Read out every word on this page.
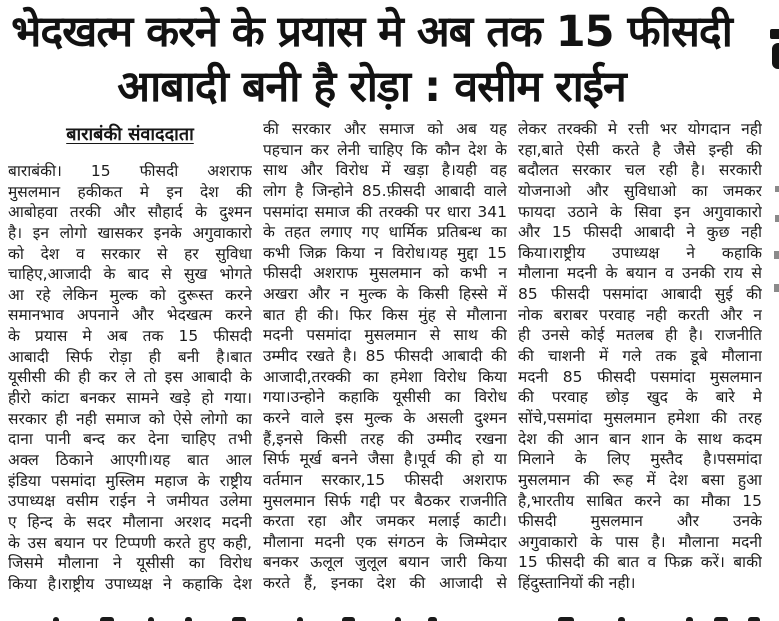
भेदखत्म करने के प्रयास मे अब तक 15 फीसदी
आबादी बनी है रोड़ा : वसीम राईन
बाराबंकी संवाददाता
बाराबंकी। 15 फीसदी अशराफ
मुसलमान हकीकत मे इन देश की
आबोहवा तरकी और सौहार्द के दुश्मन
है। इन लोगो खासकर इनके अगुवाकारो
को देश व सरकार से हर सुविधा
चाहिए,आजादी के बाद से सुख भोगते
आ रहे लेकिन मुल्क को दुरूस्त करने
समानभाव अपनाने और भेदखत्म करने
के प्रयास मे अब तक 15 फीसदी
आबादी सिर्फ रोड़ा ही बनी है।बात
यूसीसी की ही कर ले तो इस आबादी के
हीरो कांटा बनकर सामने खड़े हो गया।
सरकार ही नही समाज को ऐसे लोगो का
दाना पानी बन्द कर देना चाहिए तभी
अक्ल ठिकाने आएगी।यह बात आल
इंडिया पसमांदा मुस्लिम महाज के राष्ट्रीय
उपाध्यक्ष वसीम राईन ने जमीयत उलेमा
ए हिन्द के सदर मौलाना अरशद मदनी
के उस बयान पर टिप्पणी करते हुए कही,
जिसमे मौलाना ने यूसीसी का विरोध
किया है।राष्ट्रीय उपाध्यक्ष ने कहाकि देश
की सरकार और समाज को अब यह
पहचान कर लेनी चाहिए कि कौन देश के
साथ और विरोध में खड़ा है।यही वह
लोग है जिन्होने 85.फ़ीसदी आबादी वाले
पसमांदा समाज की तरक्की पर धारा 341
के तहत लगाए गए धार्मिक प्रतिबन्ध का
कभी जिक्र किया न विरोध।यह मुद्दा 15
फीसदी अशराफ मुसलमान को कभी न
अखरा और न मुल्क के किसी हिस्से में
बात ही की। फिर किस मुंह से मौलाना
मदनी पसमांदा मुसलमान से साथ की
उम्मीद रखते है। 85 फीसदी आबादी की
आजादी,तरक्की का हमेशा विरोध किया
गया।उन्होने कहाकि यूसीसी का विरोध
करने वाले इस मुल्क के असली दुश्मन
हैं,इनसे किसी तरह की उम्मीद रखना
सिर्फ मूर्ख बनने जैसा है।पूर्व की हो या
वर्तमान सरकार,15 फीसदी अशराफ
मुसलमान सिर्फ गद्दी पर बैठकर राजनीति
करता रहा और जमकर मलाई काटी।
मौलाना मदनी एक संगठन के जिम्मेदार
बनकर ऊलूल जुलूल बयान जारी किया
करते हैं, इनका देश की आजादी से
लेकर तरक्की मे रत्ती भर योगदान नही
रहा,बाते ऐसी करते है जैसे इन्ही की
बदौलत सरकार चल रही है। सरकारी
योजनाओ और सुविधाओ का जमकर
फायदा उठाने के सिवा इन अगुवाकारो
और 15 फीसदी आबादी ने कुछ नही
किया।राष्ट्रीय उपाध्यक्ष ने कहाकि
मौलाना मदनी के बयान व उनकी राय से
85 फीसदी पसमांदा आबादी सुई की
नोक बराबर परवाह नही करती और न
ही उनसे कोई मतलब ही है। राजनीति
की चाशनी में गले तक डूबे मौलाना
मदनी 85 फीसदी पसमांदा मुसलमान
की परवाह छोड़ खुद के बारे मे
सोंचे,पसमांदा मुसलमान हमेशा की तरह
देश की आन बान शान के साथ कदम
मिलाने के लिए मुस्तैद है।पसमांदा
मुसलमान की रूह में देश बसा हुआ
है,भारतीय साबित करने का मौका 15
फीसदी मुसलमान और उनके
अगुवाकारो के पास है। मौलाना मदनी
15 फीसदी की बात व फिक्र करें। बाकी
हिंदुस्तानियों की नही।
